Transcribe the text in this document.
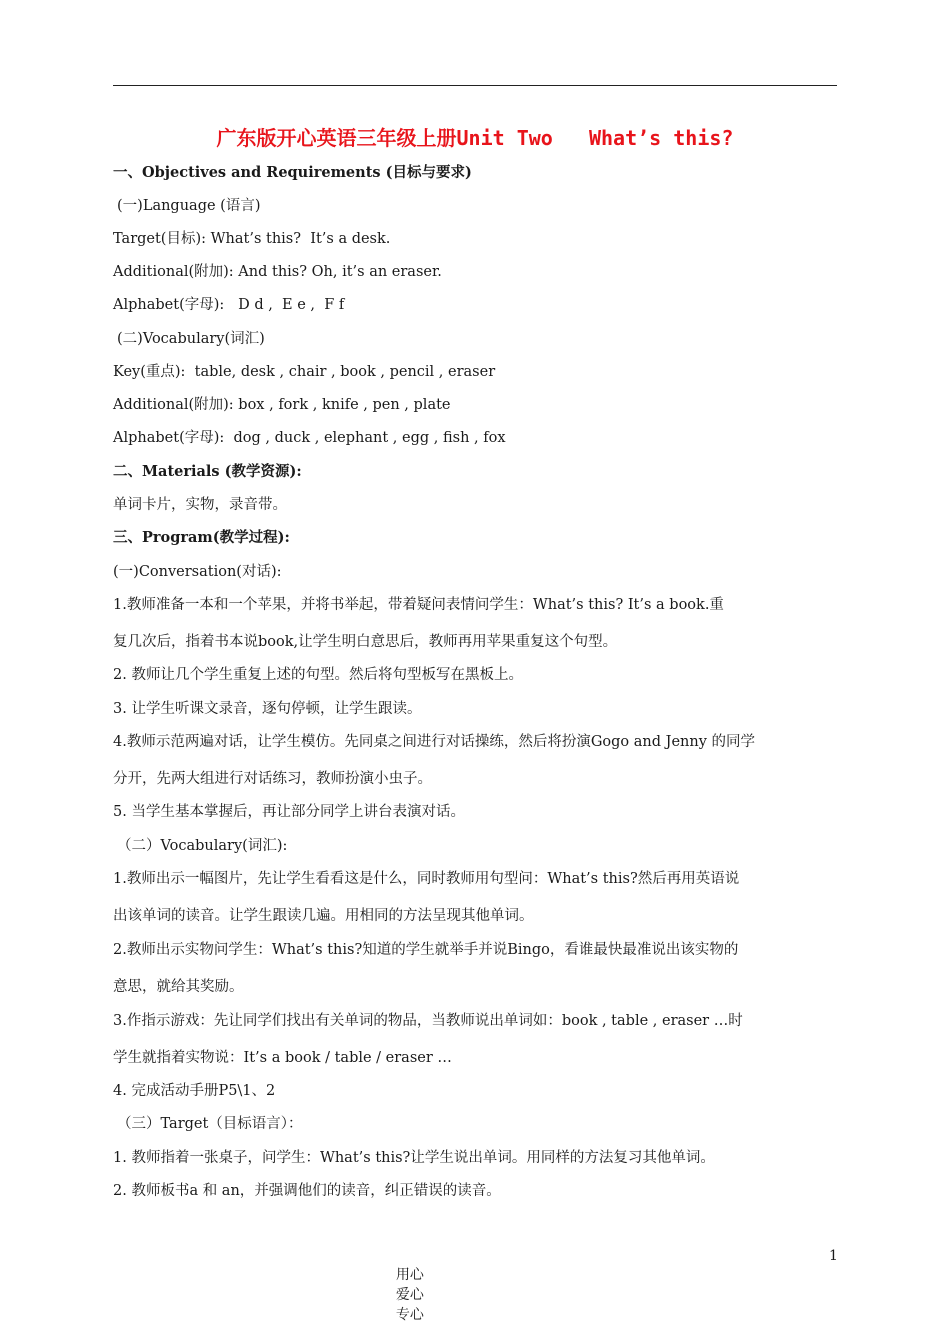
广东版开心英语三年级上册Unit Two   What’s this?
一、Objectives and Requirements (目标与要求)
(一)Language (语言)
Target(目标): What’s this?  It’s a desk.
Additional(附加): And this? Oh, it’s an eraser.
Alphabet(字母):   D d ,  E e ,  F f
(二)Vocabulary(词汇)
Key(重点):  table, desk , chair , book , pencil , eraser
Additional(附加): box , fork , knife , pen , plate
Alphabet(字母):  dog , duck , elephant , egg , fish , fox
二、Materials (教学资源):
单词卡片，实物，录音带。
三、Program(教学过程):
(一)Conversation(对话):
1.教师准备一本和一个苹果，并将书举起，带着疑问表情问学生：What’s this? It’s a book.重
复几次后，指着书本说book,让学生明白意思后，教师再用苹果重复这个句型。
2. 教师让几个学生重复上述的句型。然后将句型板写在黑板上。
3. 让学生听课文录音，逐句停顿，让学生跟读。
4.教师示范两遍对话，让学生模仿。先同桌之间进行对话操练，然后将扮演Gogo and Jenny 的同学
分开，先两大组进行对话练习，教师扮演小虫子。
5. 当学生基本掌握后，再让部分同学上讲台表演对话。
（二）Vocabulary(词汇):
1.教师出示一幅图片，先让学生看看这是什么，同时教师用句型问：What’s this?然后再用英语说
出该单词的读音。让学生跟读几遍。用相同的方法呈现其他单词。
2.教师出示实物问学生：What’s this?知道的学生就举手并说Bingo，看谁最快最准说出该实物的
意思，就给其奖励。
3.作指示游戏：先让同学们找出有关单词的物品，当教师说出单词如：book , table , eraser …时
学生就指着实物说：It’s a book / table / eraser …
4. 完成活动手册P5\1、2
（三）Target（目标语言）：
1. 教师指着一张桌子，问学生：What’s this?让学生说出单词。用同样的方法复习其他单词。
2. 教师板书a 和 an，并强调他们的读音，纠正错误的读音。

用心
爱心
专心

1
